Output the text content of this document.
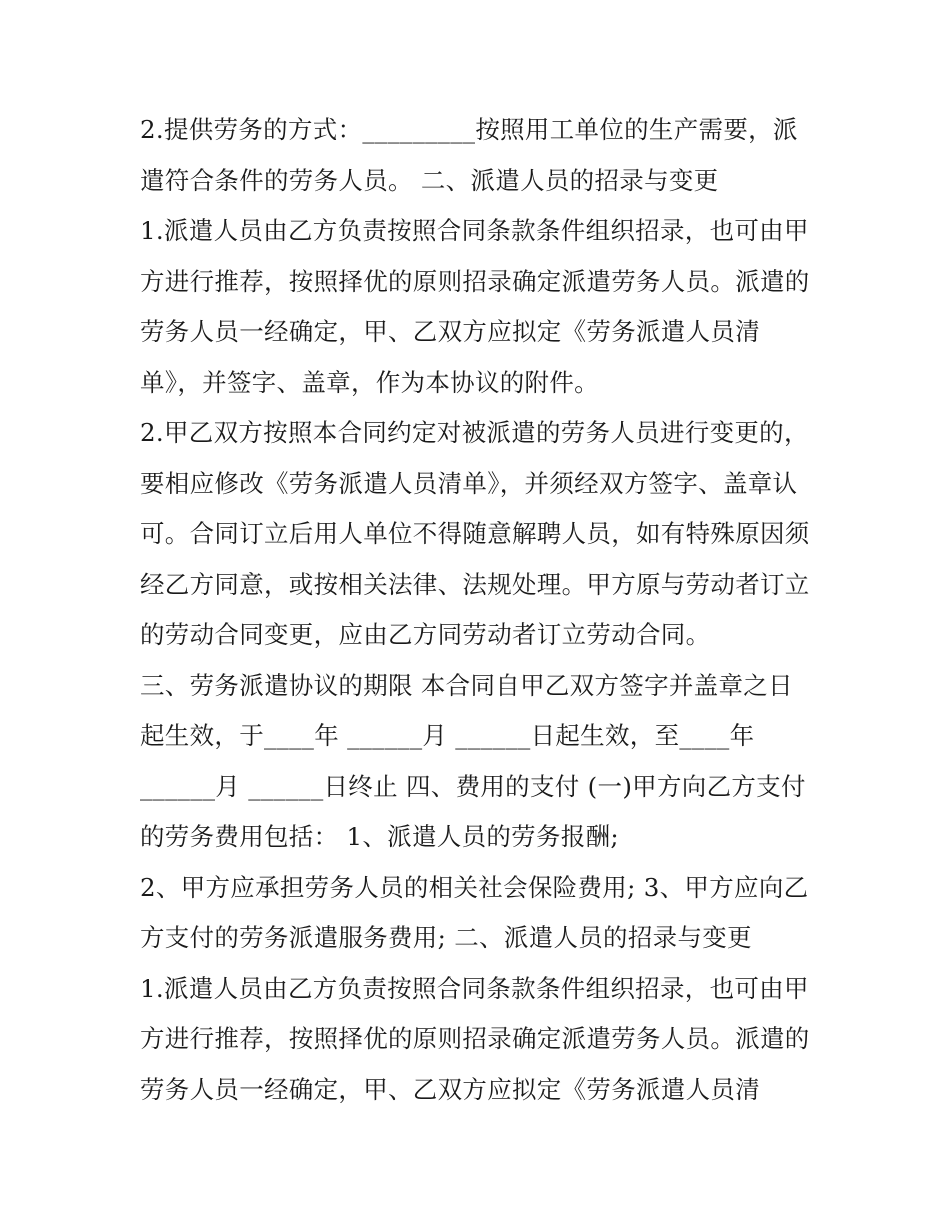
2.提供劳务的方式：_________按照用工单位的生产需要，派

遣符合条件的劳务人员。 二、派遣人员的招录与变更

1.派遣人员由乙方负责按照合同条款条件组织招录，也可由甲

方进行推荐，按照择优的原则招录确定派遣劳务人员。派遣的

劳务人员一经确定，甲、乙双方应拟定《劳务派遣人员清

单》，并签字、盖章，作为本协议的附件。

2.甲乙双方按照本合同约定对被派遣的劳务人员进行变更的，

要相应修改《劳务派遣人员清单》，并须经双方签字、盖章认

可。合同订立后用人单位不得随意解聘人员，如有特殊原因须

经乙方同意，或按相关法律、法规处理。甲方原与劳动者订立

的劳动合同变更，应由乙方同劳动者订立劳动合同。

三、劳务派遣协议的期限 本合同自甲乙双方签字并盖章之日

起生效，于____年 ______月 ______日起生效，至____年

______月 ______日终止 四、费用的支付 (一)甲方向乙方支付

的劳务费用包括： 1、派遣人员的劳务报酬;

2、甲方应承担劳务人员的相关社会保险费用; 3、甲方应向乙

方支付的劳务派遣服务费用; 二、派遣人员的招录与变更

1.派遣人员由乙方负责按照合同条款条件组织招录，也可由甲

方进行推荐，按照择优的原则招录确定派遣劳务人员。派遣的

劳务人员一经确定，甲、乙双方应拟定《劳务派遣人员清
